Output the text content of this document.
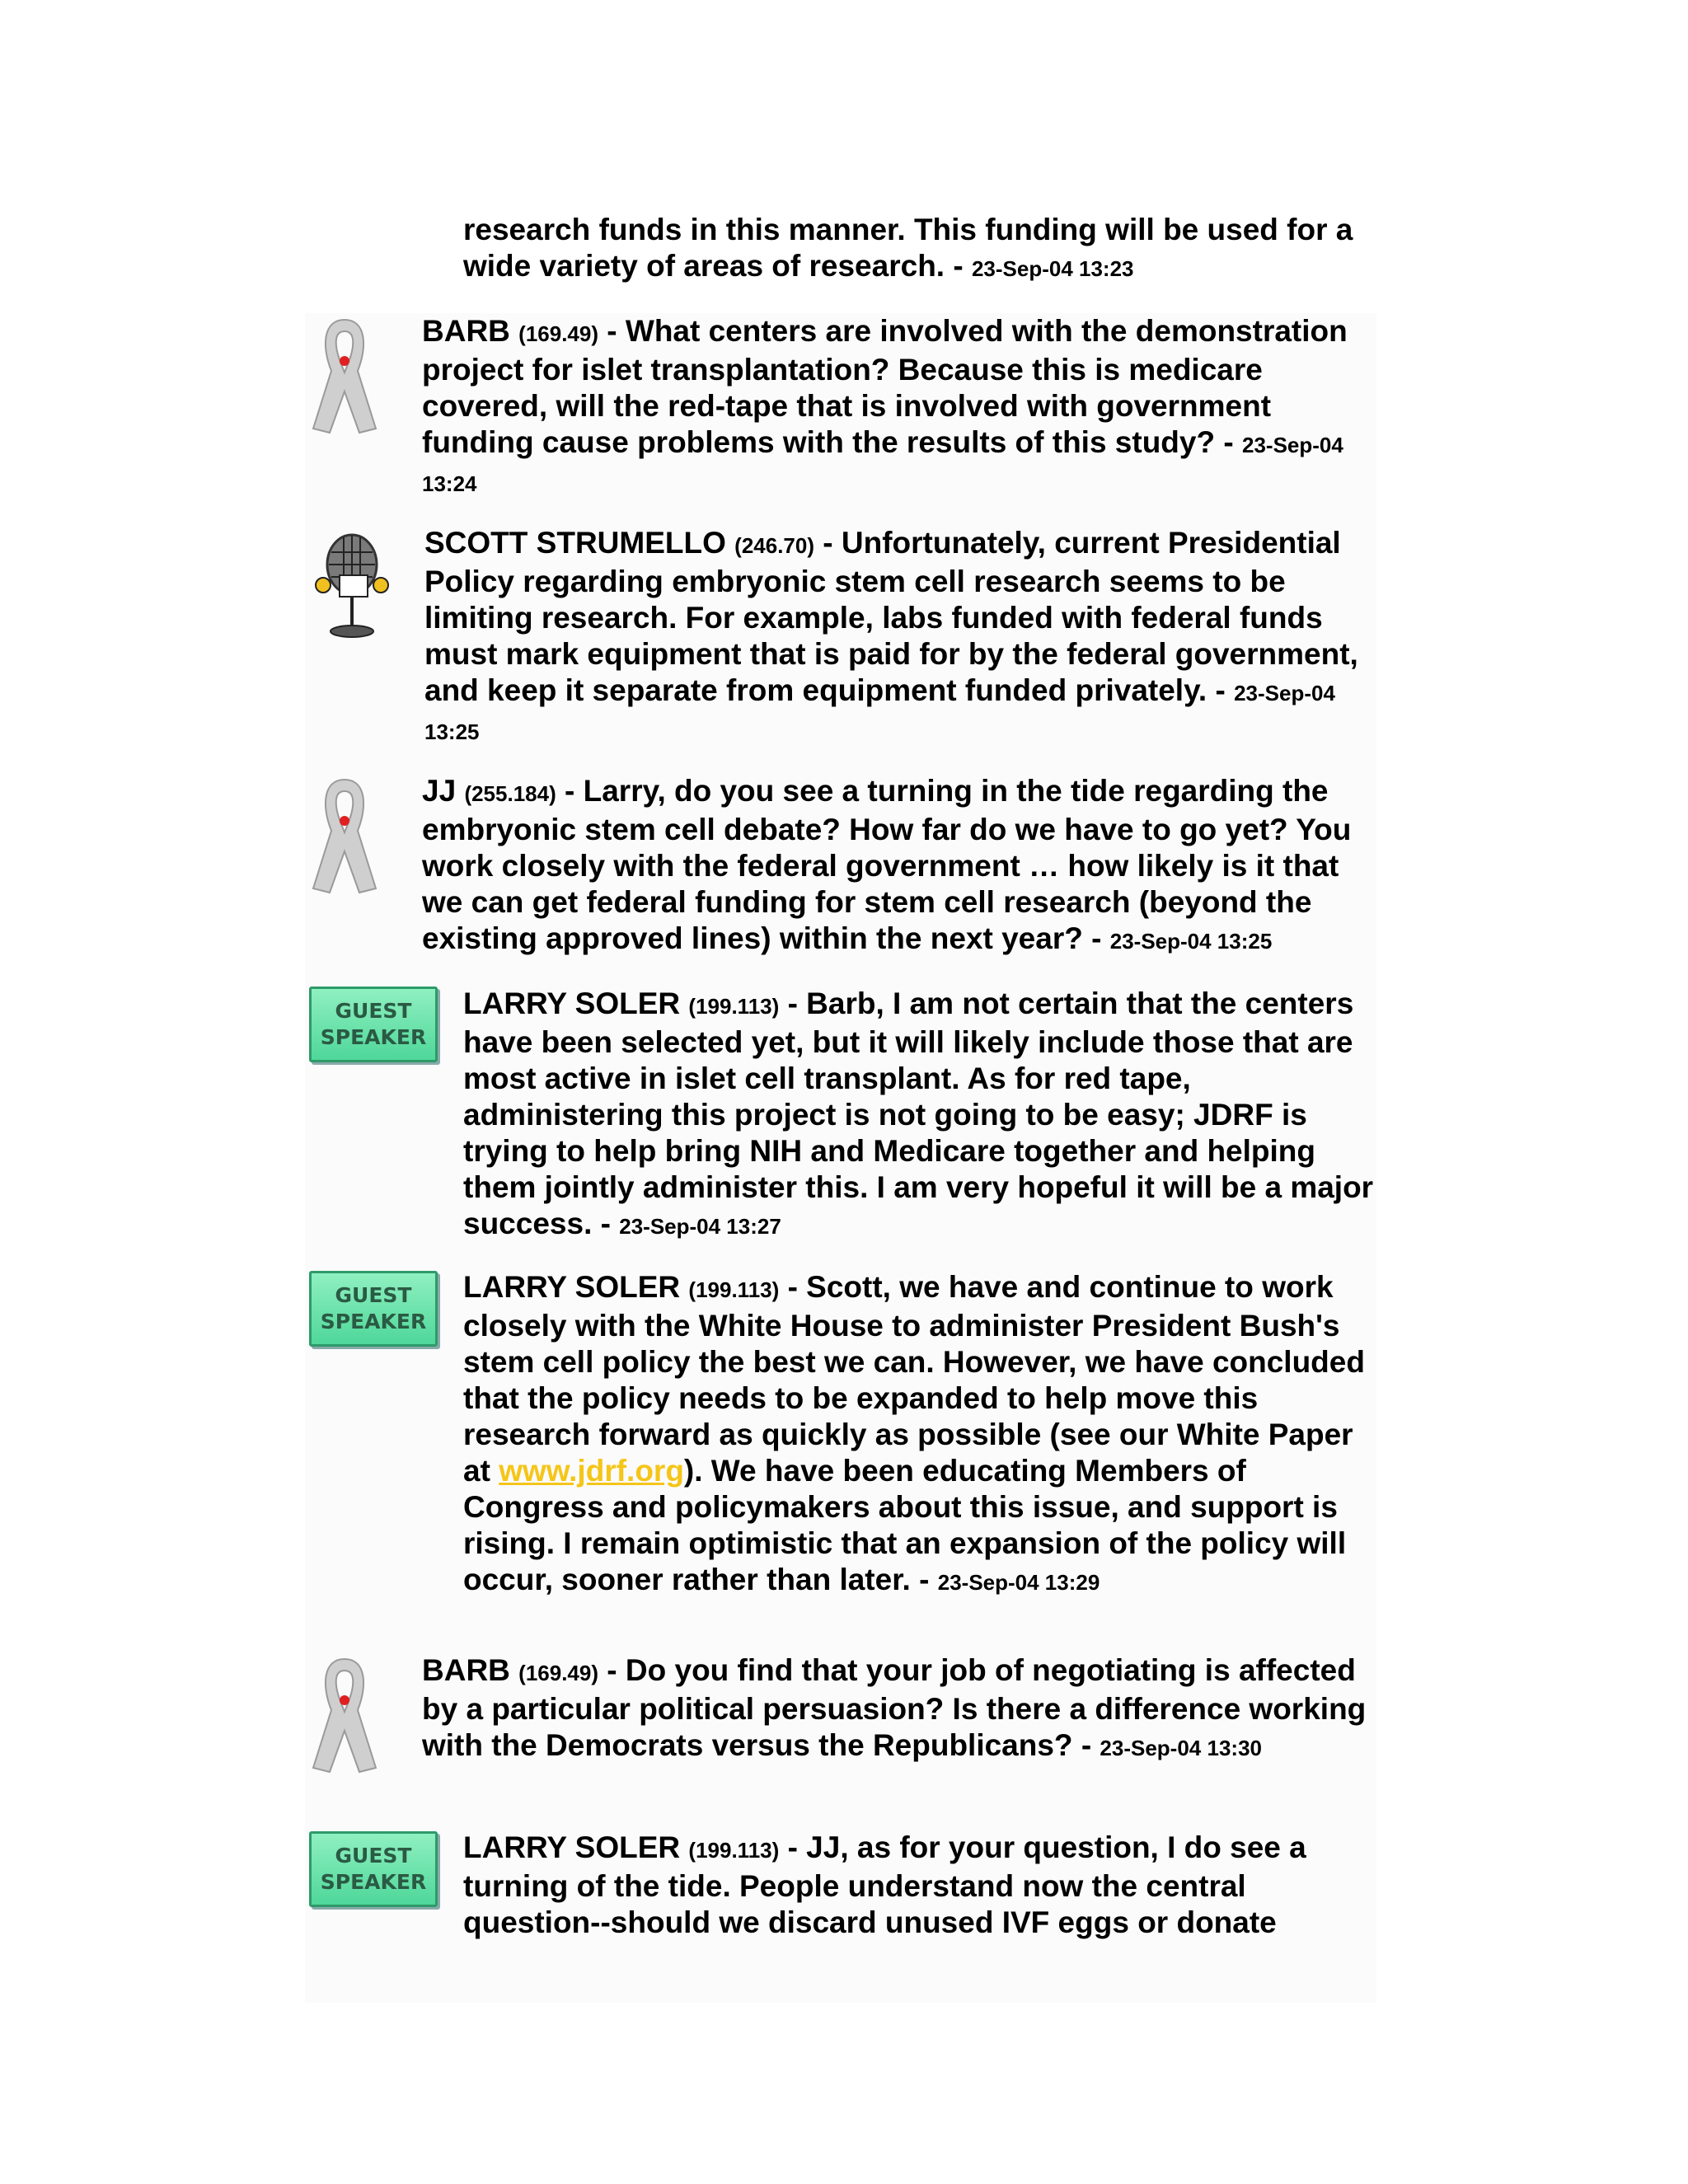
research funds in this manner. This funding will be used for a wide variety of areas of research. - 23-Sep-04 13:23
BARB (169.49) - What centers are involved with the demonstration project for islet transplantation? Because this is medicare covered, will the red-tape that is involved with government funding cause problems with the results of this study? - 23-Sep-04 13:24
SCOTT STRUMELLO (246.70) - Unfortunately, current Presidential Policy regarding embryonic stem cell research seems to be limiting research. For example, labs funded with federal funds must mark equipment that is paid for by the federal government, and keep it separate from equipment funded privately. - 23-Sep-04 13:25
JJ (255.184) - Larry, do you see a turning in the tide regarding the embryonic stem cell debate? How far do we have to go yet? You work closely with the federal government … how likely is it that we can get federal funding for stem cell research (beyond the existing approved lines) within the next year? - 23-Sep-04 13:25
GUEST
SPEAKER
LARRY SOLER (199.113) - Barb, I am not certain that the centers have been selected yet, but it will likely include those that are most active in islet cell transplant. As for red tape, administering this project is not going to be easy; JDRF is trying to help bring NIH and Medicare together and helping them jointly administer this. I am very hopeful it will be a major success. - 23-Sep-04 13:27
GUEST
SPEAKER
LARRY SOLER (199.113) - Scott, we have and continue to work closely with the White House to administer President Bush's stem cell policy the best we can. However, we have concluded that the policy needs to be expanded to help move this research forward as quickly as possible (see our White Paper at www.jdrf.org). We have been educating Members of Congress and policymakers about this issue, and support is rising. I remain optimistic that an expansion of the policy will occur, sooner rather than later. - 23-Sep-04 13:29
BARB (169.49) - Do you find that your job of negotiating is affected by a particular political persuasion? Is there a difference working with the Democrats versus the Republicans? - 23-Sep-04 13:30
GUEST
SPEAKER
LARRY SOLER (199.113) - JJ, as for your question, I do see a turning of the tide. People understand now the central question--should we discard unused IVF eggs or donate
